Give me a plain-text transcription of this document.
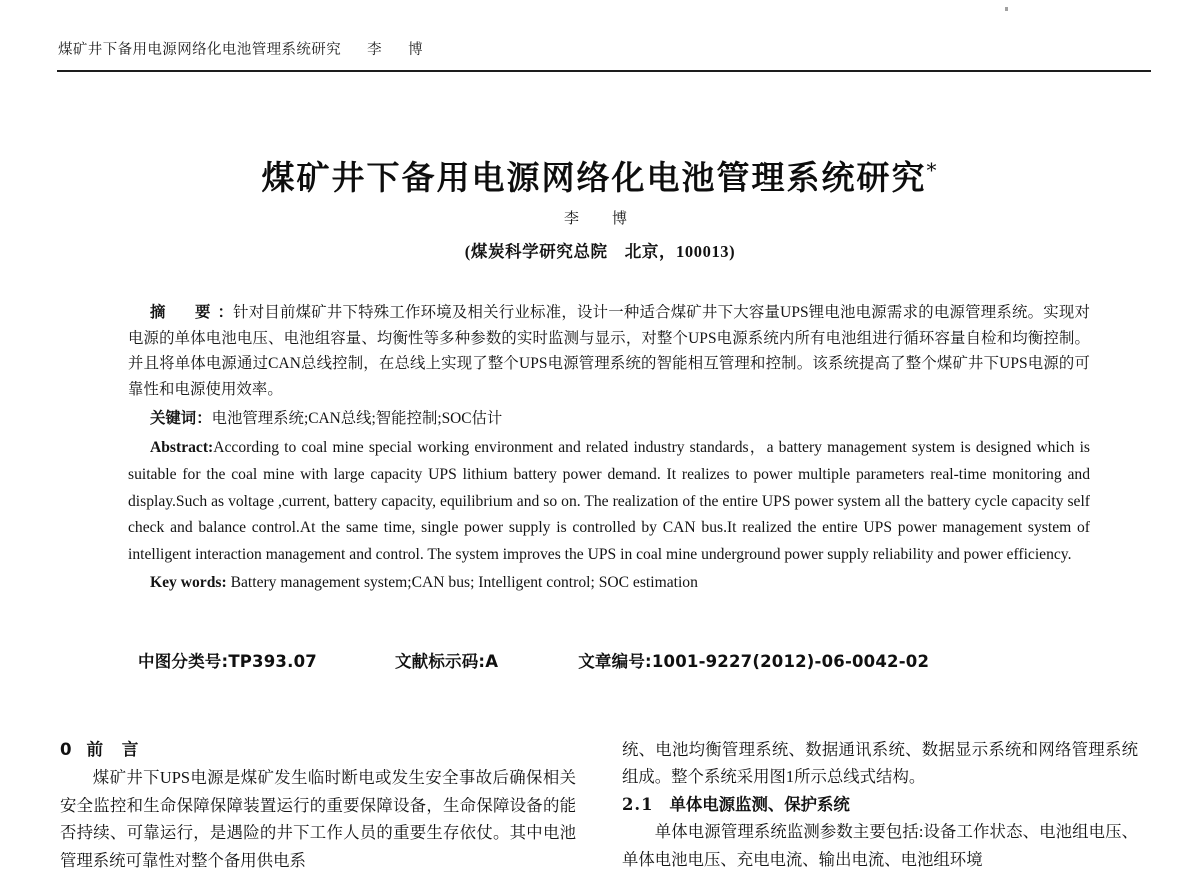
煤矿井下备用电源网络化电池管理系统研究 李　博
煤矿井下备用电源网络化电池管理系统研究*
李　博
(煤炭科学研究总院　北京，100013)
摘　要：针对目前煤矿井下特殊工作环境及相关行业标准，设计一种适合煤矿井下大容量UPS锂电池电源需求的电源管理系统。实现对电源的单体电池电压、电池组容量、均衡性等多种参数的实时监测与显示，对整个UPS电源系统内所有电池组进行循环容量自检和均衡控制。并且将单体电源通过CAN总线控制，在总线上实现了整个UPS电源管理系统的智能相互管理和控制。该系统提高了整个煤矿井下UPS电源的可靠性和电源使用效率。
关键词：电池管理系统;CAN总线;智能控制;SOC估计
Abstract:According to coal mine special working environment and related industry standards，a battery management system is designed which is suitable for the coal mine with large capacity UPS lithium battery power demand. It realizes to power multiple parameters real-time monitoring and display.Such as voltage ,current, battery capacity, equilibrium and so on. The realization of the entire UPS power system all the battery cycle capacity self check and balance control.At the same time, single power supply is controlled by CAN bus.It realized the entire UPS power management system of intelligent interaction management and control. The system improves the UPS in coal mine underground power supply reliability and power efficiency.
Key words: Battery management system;CAN bus; Intelligent control; SOC estimation
中图分类号:TP393.07	文献标示码:A	文章编号:1001-9227(2012)-06-0042-02
0 前　言

煤矿井下UPS电源是煤矿发生临时断电或发生安全事故后确保相关安全监控和生命保障保障装置运行的重要保障设备，生命保障设备的能否持续、可靠运行，是遇险的井下工作人员的重要生存依仗。其中电池管理系统可靠性对整个备用供电系

统、电池均衡管理系统、数据通讯系统、数据显示系统和网络管理系统组成。整个系统采用图1所示总线式结构。

2.1 单体电源监测、保护系统

单体电源管理系统监测参数主要包括:设备工作状态、电池组电压、单体电池电压、充电电流、输出电流、电池组环境
